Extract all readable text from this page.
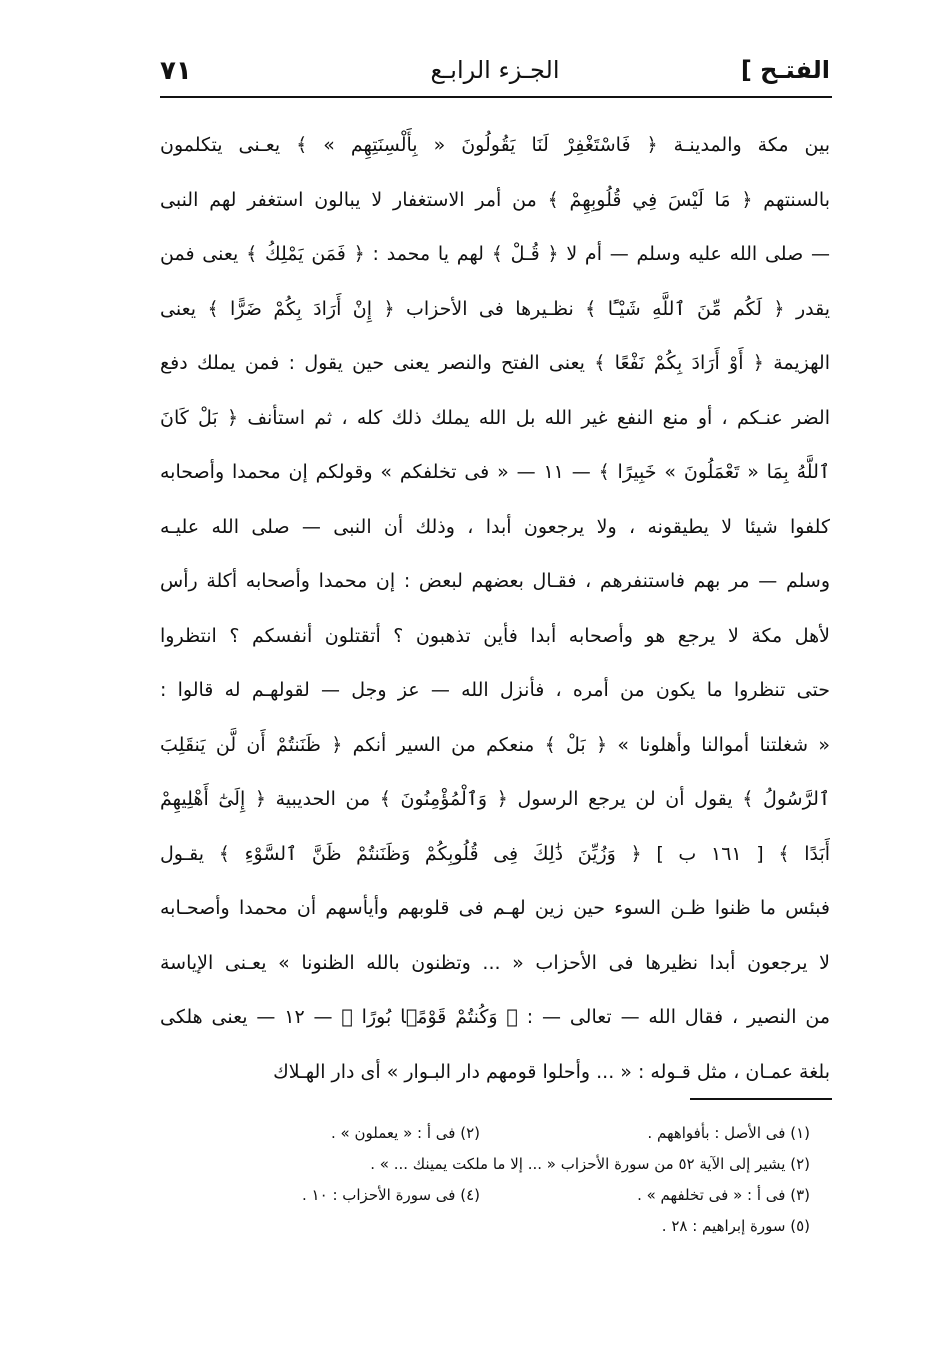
الفتـح ]
الجـزء الرابـع
٧١
بين مكة والمدينـة ﴿ فَاسْتَغْفِرْ لَنَا يَقُولُونَ « بِأَلْسِنَتِهِم » ﴾ يعـنى يتكلمون
بالسنتهم ﴿ مَا لَيْسَ فِي قُلُوبِهِمْ ﴾ من أمر الاستغفار لا يبالون استغفر لهم النبى
— صلى الله عليه وسلم — أم لا ﴿ قُـلْ ﴾ لهم يا محمد : ﴿ فَمَن يَمْلِكُ ﴾ يعنى فمن
يقدر ﴿ لَكُم مِّنَ ٱللَّهِ شَيْـًٔا ﴾ نظـيرها فى الأحزاب ﴿ إِنْ أَرَادَ بِكُمْ ضَرًّا ﴾ يعنى
الهزيمة ﴿ أَوْ أَرَادَ بِكُمْ نَفْعًا ﴾ يعنى الفتح والنصر يعنى حين يقول : فمن يملك دفع
الضر عنـكم ، أو منع النفع غير الله بل الله يملك ذلك كله ، ثم استأنف ﴿ بَلْ كَانَ
ٱللَّهُ بِمَا « تَعْمَلُونَ » خَبِيرًا ﴾ — ١١ — « فى تخلفكم » وقولكم إن محمدا وأصحابه
كلفوا شيئا لا يطيقونه ، ولا يرجعون أبدا ، وذلك أن النبى — صلى الله عليـه
وسلم — مر بهم فاستنفرهم ، فقـال بعضهم لبعض : إن محمدا وأصحابه أكلة رأس
لأهل مكة لا يرجع هو وأصحابه أبدا فأين تذهبون ؟ أتقتلون أنفسكم ؟ انتظروا
حتى تنظروا ما يكون من أمره ، فأنزل الله — عز وجل — لقولهـم له قالوا :
« شغلتنا أموالنا وأهلونا » ﴿ بَلْ ﴾ منعكم من السير أنكم ﴿ ظَنَنتُمْ أَن لَّن يَنقَلِبَ
ٱلرَّسُولُ ﴾ يقول أن لن يرجع الرسول ﴿ وَٱلْمُؤْمِنُونَ ﴾ من الحديبية ﴿ إِلَىٰٓ أَهْلِيهِمْ
أَبَدًا ﴾ [ ١٦١ ب ] ﴿ وَزُيِّنَ ذَٰلِكَ فِى قُلُوبِكُمْ وَظَنَنتُمْ ظَنَّ ٱلسَّوْءِ ﴾ يقـول
فبئس ما ظنوا ظـن السوء حين زين لهـم فى قلوبهم وأيأسهم أن محمدا وأصحـابه
لا يرجعون أبدا نظيرها فى الأحزاب « ... وتظنون بالله الظنونا » يعـنى الإياسة
من النصير ، فقال الله — تعالى — : ﴿ وَكُنتُمْ قَوْمًۢا بُورًا ﴾ — ١٢ — يعنى هلكى
بلغة عمـان ، مثل قـوله : « ... وأحلوا قومهم دار البـوار » أى دار الهـلاك
(١) فى الأصل : بأفواههم .
(٢) فى أ : « يعملون » .
(٢) يشير إلى الآية ٥٢ من سورة الأحزاب « ... إلا ما ملكت يمينك ... » .
(٣) فى أ : « فى تخلفهم » .
(٤) فى سورة الأحزاب : ١٠ .
(٥) سورة إبراهيم : ٢٨ .
